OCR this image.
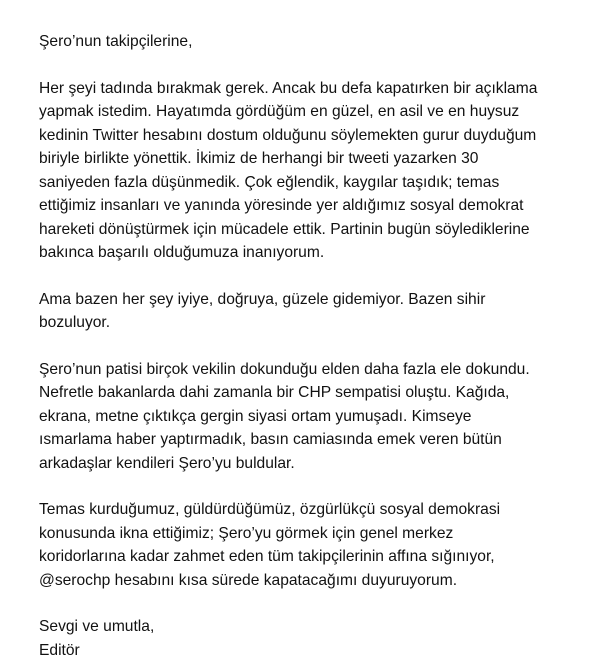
Şero’nun takipçilerine,
Her şeyi tadında bırakmak gerek. Ancak bu defa kapatırken bir açıklama
yapmak istedim. Hayatımda gördüğüm en güzel, en asil ve en huysuz
kedinin Twitter hesabını dostum olduğunu söylemekten gurur duyduğum
biriyle birlikte yönettik. İkimiz de herhangi bir tweeti yazarken 30
saniyeden fazla düşünmedik. Çok eğlendik, kaygılar taşıdık; temas
ettiğimiz insanları ve yanında yöresinde yer aldığımız sosyal demokrat
hareketi dönüştürmek için mücadele ettik. Partinin bugün söylediklerine
bakınca başarılı olduğumuza inanıyorum.
Ama bazen her şey iyiye, doğruya, güzele gidemiyor. Bazen sihir
bozuluyor.
Şero’nun patisi birçok vekilin dokunduğu elden daha fazla ele dokundu.
Nefretle bakanlarda dahi zamanla bir CHP sempatisi oluştu. Kağıda,
ekrana, metne çıktıkça gergin siyasi ortam yumuşadı. Kimseye
ısmarlama haber yaptırmadık, basın camiasında emek veren bütün
arkadaşlar kendileri Şero’yu buldular.
Temas kurduğumuz, güldürdüğümüz, özgürlükçü sosyal demokrasi
konusunda ikna ettiğimiz; Şero’yu görmek için genel merkez
koridorlarına kadar zahmet eden tüm takipçilerinin affına sığınıyor,
@serochp hesabını kısa sürede kapatacağımı duyuruyorum.
Sevgi ve umutla,
Editör
